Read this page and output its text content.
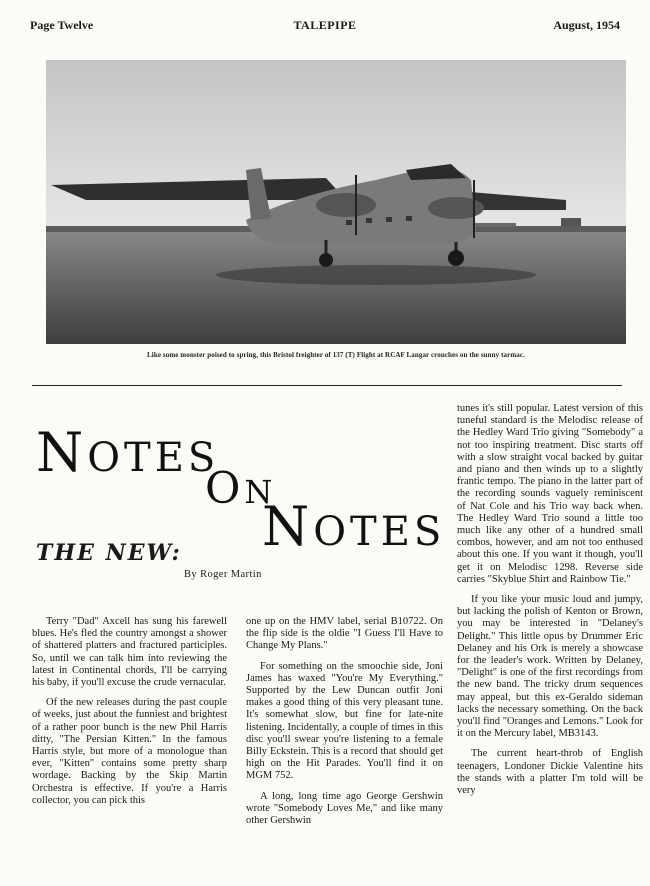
Page Twelve	TALEPIPE	August, 1954
Like some monster poised to spring, this Bristol freighter of 137 (T) Flight at RCAF Langar crouches on the sunny tarmac.
NOTES
ON
NOTES
THE NEW:
By Roger Martin

Terry "Dad" Axcell has sung his farewell blues. He's fled the country amongst a shower of shattered platters and fractured participles. So, until we can talk him into reviewing the latest in Continental chords, I'll be carrying his baby, if you'll excuse the crude vernacular.

Of the new releases during the past couple of weeks, just about the funniest and brightest of a rather poor bunch is the new Phil Harris ditty, "The Persian Kitten." In the famous Harris style, but more of a monologue than ever, "Kitten" contains some pretty sharp wordage. Backing by the Skip Martin Orchestra is effective. If you're a Harris collector, you can pick this

one up on the HMV label, serial B10722. On the flip side is the oldie "I Guess I'll Have to Change My Plans."

For something on the smoochie side, Joni James has waxed "You're My Everything." Supported by the Lew Duncan outfit Joni makes a good thing of this very pleasant tune. It's somewhat slow, but fine for late-nite listening. Incidentally, a couple of times in this disc you'll swear you're listening to a female Billy Eckstein. This is a record that should get high on the Hit Parades. You'll find it on MGM 752.

A long, long time ago George Gershwin wrote "Somebody Loves Me," and like many other Gershwin

tunes it's still popular. Latest version of this tuneful standard is the Melodisc release of the Hedley Ward Trio giving "Somebody" a not too inspiring treatment. Disc starts off with a slow straight vocal backed by guitar and piano and then winds up to a slightly frantic tempo. The piano in the latter part of the recording sounds vaguely reminiscent of Nat Cole and his Trio way back when. The Hedley Ward Trio sound a little too much like any other of a hundred small combos, however, and am not too enthused about this one. If you want it though, you'll get it on Melodisc 1298. Reverse side carries "Skyblue Shirt and Rainbow Tie."

If you like your music loud and jumpy, but lacking the polish of Kenton or Brown, you may be interested in "Delaney's Delight." This little opus by Drummer Eric Delaney and his Ork is merely a showcase for the leader's work. Written by Delaney, "Delight" is one of the first recordings from the new band. The tricky drum sequences may appeal, but this ex-Geraldo sideman lacks the necessary something. On the back you'll find "Oranges and Lemons." Look for it on the Mercury label, MB3143.

The current heart-throb of English teenagers, Londoner Dickie Valentine hits the stands with a platter I'm told will be very
